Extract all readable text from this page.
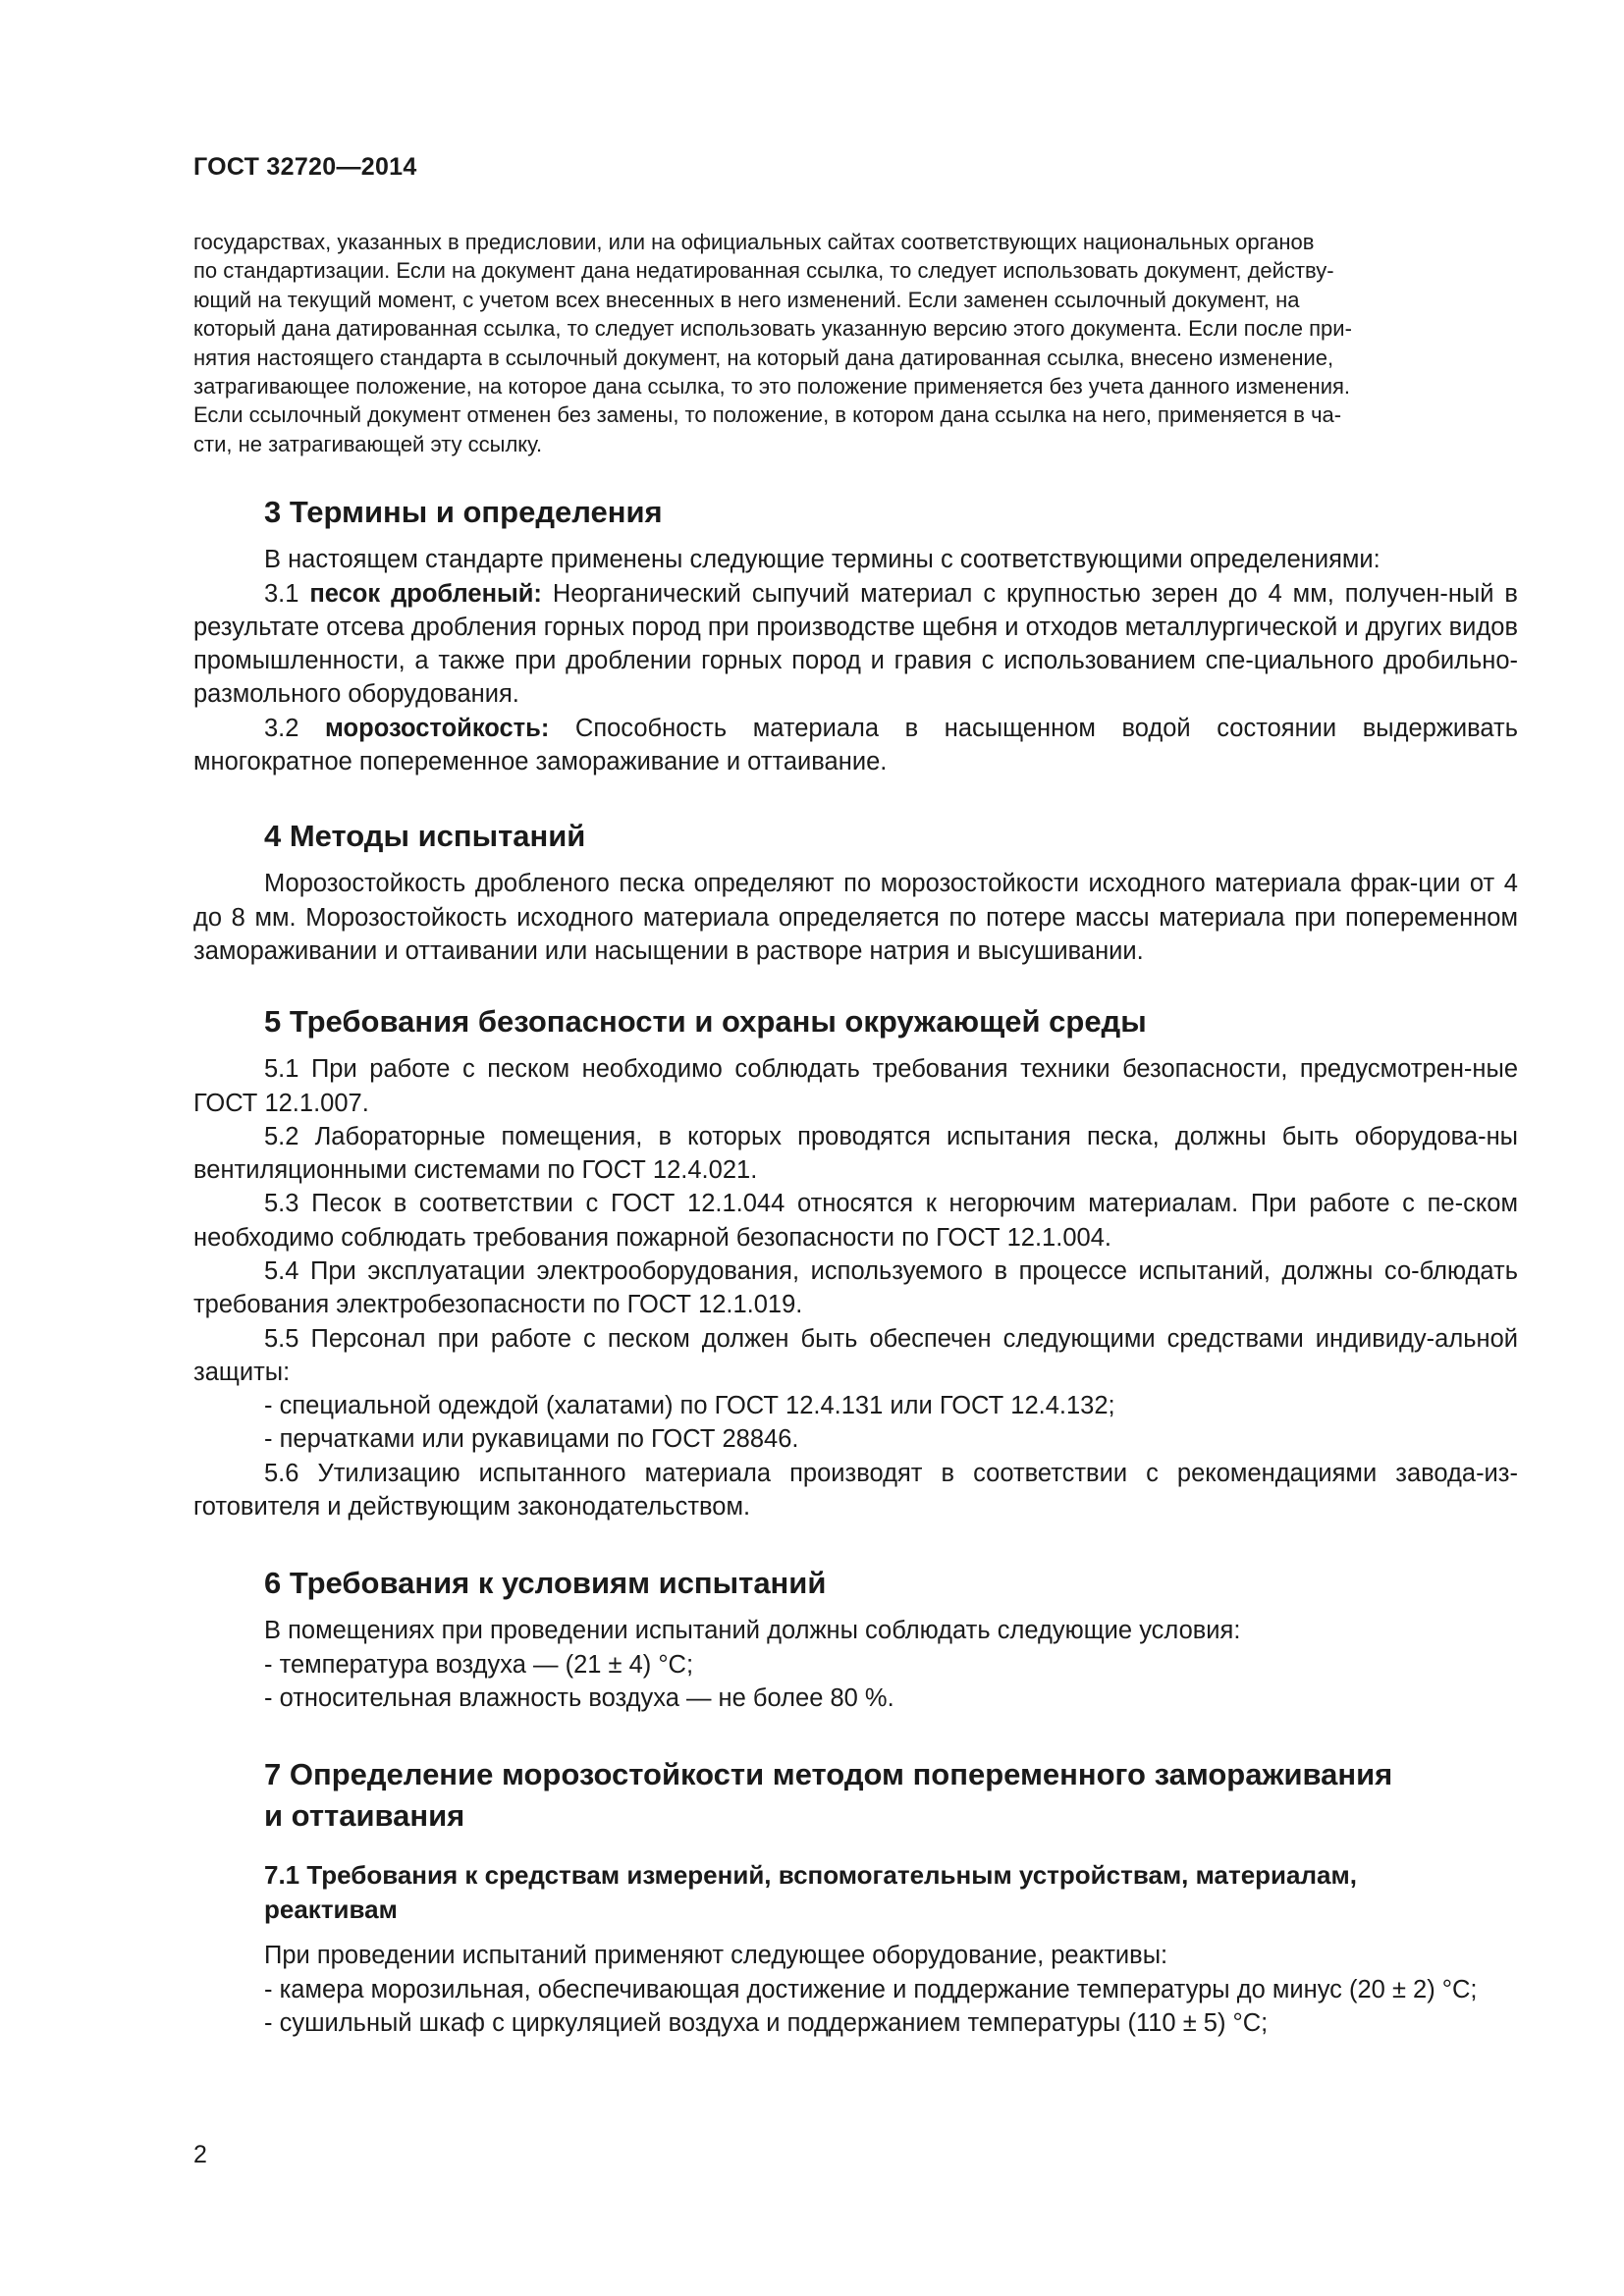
ГОСТ 32720—2014

государствах, указанных в предисловии, или на официальных сайтах соответствующих национальных органов

по стандартизации. Если на документ дана недатированная ссылка, то следует использовать документ, действу-

ющий на текущий момент, с учетом всех внесенных в него изменений. Если заменен ссылочный документ, на

который дана датированная ссылка, то следует использовать указанную версию этого документа. Если после при-

нятия настоящего стандарта в ссылочный документ, на который дана датированная ссылка, внесено изменение,

затрагивающее положение, на которое дана ссылка, то это положение применяется без учета данного изменения.

Если ссылочный документ отменен без замены, то положение, в котором дана ссылка на него, применяется в ча-

сти, не затрагивающей эту ссылку.

3 Термины и определения

В настоящем стандарте применены следующие термины с соответствующими определениями:

3.1 песок дробленый: Неорганический сыпучий материал с крупностью зерен до 4 мм, получен-ный в результате отсева дробления горных пород при производстве щебня и отходов металлургической и других видов промышленности, а также при дроблении горных пород и гравия с использованием спе-циального дробильно-размольного оборудования.

3.2 морозостойкость: Способность материала в насыщенном водой состоянии выдерживать многократное попеременное замораживание и оттаивание.

4 Методы испытаний

Морозостойкость дробленого песка определяют по морозостойкости исходного материала фрак-ции от 4 до 8 мм. Морозостойкость исходного материала определяется по потере массы материала при попеременном замораживании и оттаивании или насыщении в растворе натрия и высушивании.

5 Требования безопасности и охраны окружающей среды

5.1 При работе с песком необходимо соблюдать требования техники безопасности, предусмотрен-ные ГОСТ 12.1.007.

5.2 Лабораторные помещения, в которых проводятся испытания песка, должны быть оборудова-ны вентиляционными системами по ГОСТ 12.4.021.

5.3 Песок в соответствии с ГОСТ 12.1.044 относятся к негорючим материалам. При работе с пе-ском необходимо соблюдать требования пожарной безопасности по ГОСТ 12.1.004.

5.4 При эксплуатации электрооборудования, используемого в процессе испытаний, должны со-блюдать требования электробезопасности по ГОСТ 12.1.019.

5.5 Персонал при работе с песком должен быть обеспечен следующими средствами индивиду-альной защиты:

- специальной одеждой (халатами) по ГОСТ 12.4.131 или ГОСТ 12.4.132;

- перчатками или рукавицами по ГОСТ 28846.

5.6 Утилизацию испытанного материала производят в соответствии с рекомендациями завода-из-готовителя и действующим законодательством.

6 Требования к условиям испытаний

В помещениях при проведении испытаний должны соблюдать следующие условия:

- температура воздуха — (21 ± 4) °С;

- относительная влажность воздуха — не более 80 %.

7 Определение морозостойкости методом попеременного замораживания
и оттаивания
7.1 Требования к средствам измерений, вспомогательным устройствам, материалам,
реактивам

При проведении испытаний применяют следующее оборудование, реактивы:

- камера морозильная, обеспечивающая достижение и поддержание температуры до минус (20 ± 2) °С;

- сушильный шкаф с циркуляцией воздуха и поддержанием температуры (110 ± 5) °С;

2
